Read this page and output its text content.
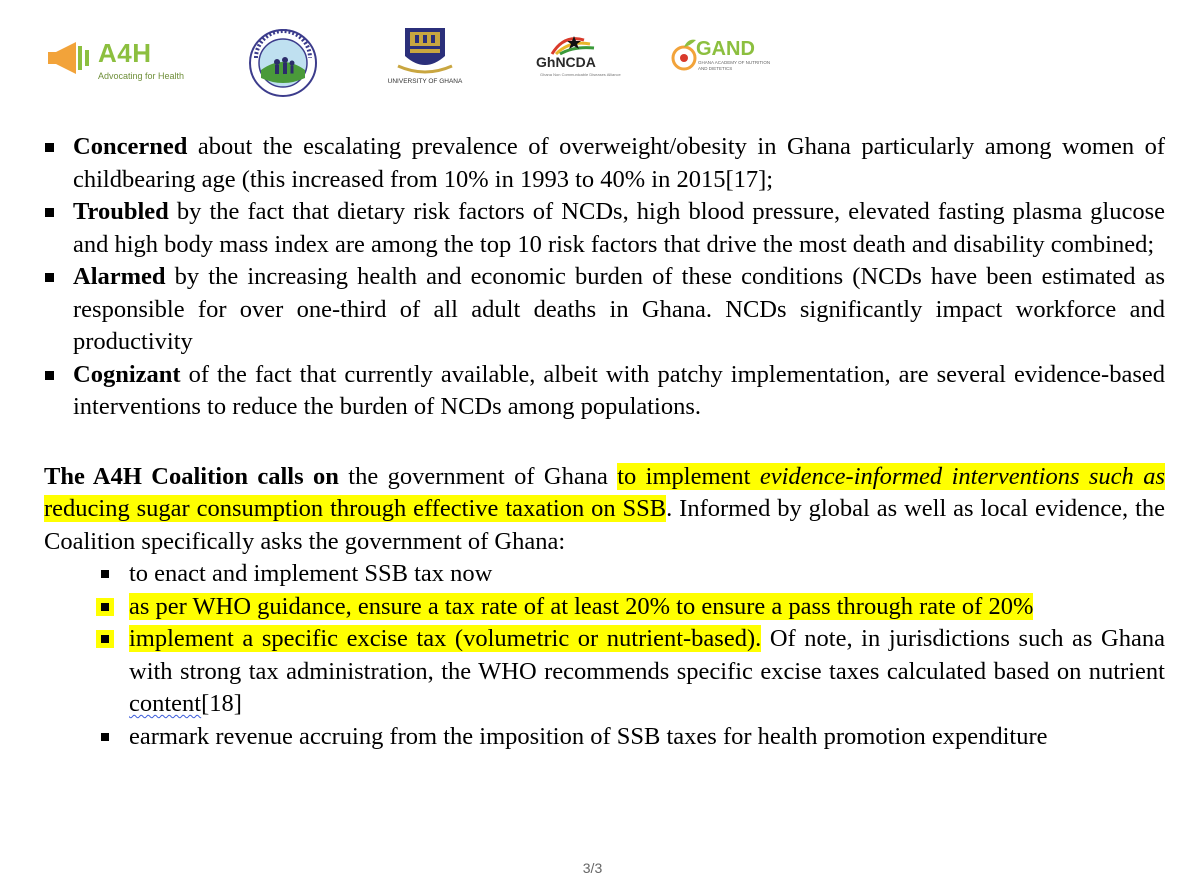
A4H
Advocating for Health
UNIVERSITY OF GHANA
GhNCDA
Ghana Non Communicable Diseases Alliance
GAND
GHANA ACADEMY OF NUTRITION AND DIETETICS
Concerned about the escalating prevalence of overweight/obesity in Ghana particularly among women of childbearing age (this increased from 10% in 1993 to 40% in 2015[17];
Troubled by the fact that dietary risk factors of NCDs, high blood pressure, elevated fasting plasma glucose and high body mass index are among the top 10 risk factors that drive the most death and disability combined;
Alarmed by the increasing health and economic burden of these conditions (NCDs have been estimated as responsible for over one-third of all adult deaths in Ghana. NCDs significantly impact workforce and productivity
Cognizant of the fact that currently available, albeit with patchy implementation, are several evidence-based interventions to reduce the burden of NCDs among populations.

The A4H Coalition calls on the government of Ghana to implement evidence-informed interventions such as reducing sugar consumption through effective taxation on SSB. Informed by global as well as local evidence, the Coalition specifically asks the government of Ghana:

to enact and implement SSB tax now
as per WHO guidance, ensure a tax rate of at least 20% to ensure a pass through rate of 20%
implement a specific excise tax (volumetric or nutrient-based). Of note, in jurisdictions such as Ghana with strong tax administration, the WHO recommends specific excise taxes calculated based on nutrient content[18]
earmark revenue accruing from the imposition of SSB taxes for health promotion expenditure
3/3
